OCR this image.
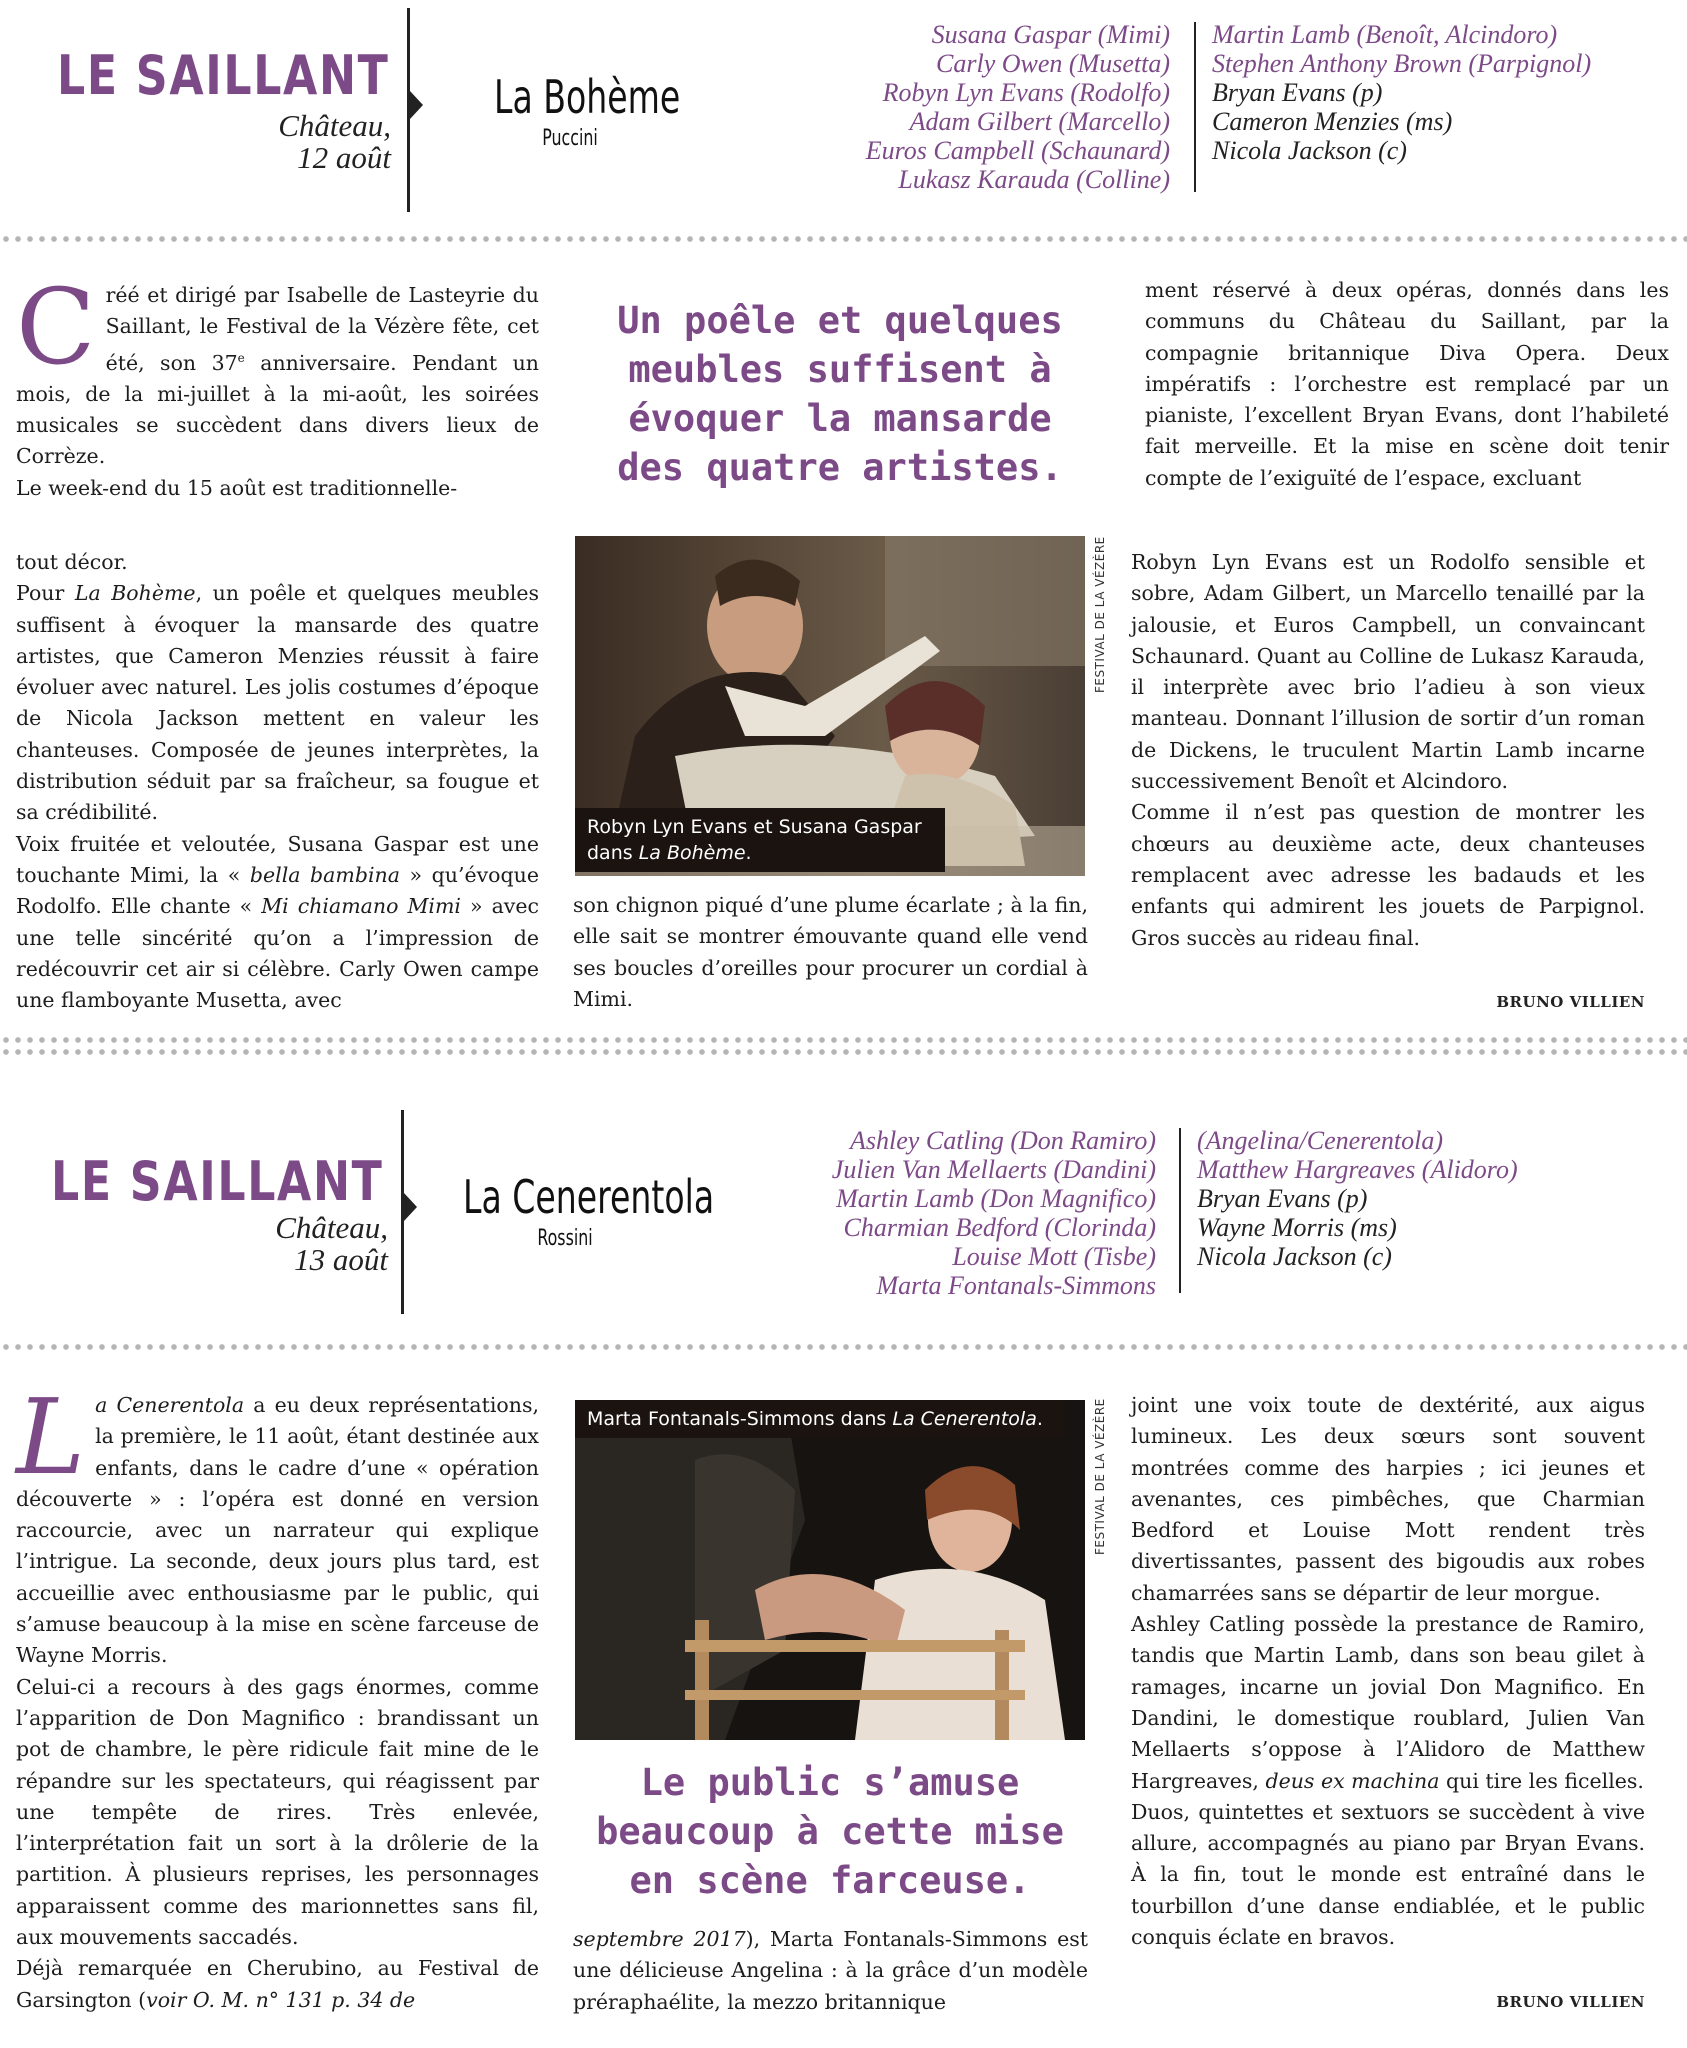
LE SAILLANT
Château,
12 août
La Bohème
Puccini
Susana Gaspar (Mimi)
Carly Owen (Musetta)
Robyn Lyn Evans (Rodolfo)
Adam Gilbert (Marcello)
Euros Campbell (Schaunard)
Lukasz Karauda (Colline)
Martin Lamb (Benoît, Alcindoro)
Stephen Anthony Brown (Parpignol)
Bryan Evans (p)
Cameron Menzies (ms)
Nicola Jackson (c)

Créé et dirigé par Isabelle de Lasteyrie du Saillant, le Festival de la Vézère fête, cet été, son 37e anniversaire. Pendant un mois, de la mi-juillet à la mi-août, les soirées musicales se succèdent dans divers lieux de Corrèze.

Le week-end du 15 août est traditionnelle-

Un poêle et quelques meubles suffisent à évoquer la mansarde des quatre artistes.
ment réservé à deux opéras, donnés dans les communs du Château du Saillant, par la compagnie britannique Diva Opera. Deux impératifs : l’orchestre est remplacé par un pianiste, l’excellent Bryan Evans, dont l’habileté fait merveille. Et la mise en scène doit tenir compte de l’exiguïté de l’espace, excluant

tout décor.

Pour La Bohème, un poêle et quelques meubles suffisent à évoquer la mansarde des quatre artistes, que Cameron Menzies réussit à faire évoluer avec naturel. Les jolis costumes d’époque de Nicola Jackson mettent en valeur les chanteuses. Composée de jeunes interprètes, la distribution séduit par sa fraîcheur, sa fougue et sa crédibilité.

Voix fruitée et veloutée, Susana Gaspar est une touchante Mimi, la « bella bambina » qu’évoque Rodolfo. Elle chante « Mi chiamano Mimi » avec une telle sincérité qu’on a l’impression de redécouvrir cet air si célèbre. Carly Owen campe une flamboyante Musetta, avec

Robyn Lyn Evans et Susana Gaspar
dans La Bohème.
FESTIVAL DE LA VÉZÈRE
son chignon piqué d’une plume écarlate ; à la fin, elle sait se montrer émouvante quand elle vend ses boucles d’oreilles pour procurer un cordial à Mimi.

Robyn Lyn Evans est un Rodolfo sensible et sobre, Adam Gilbert, un Marcello tenaillé par la jalousie, et Euros Campbell, un convaincant Schaunard. Quant au Colline de Lukasz Karauda, il interprète avec brio l’adieu à son vieux manteau. Donnant l’illusion de sortir d’un roman de Dickens, le truculent Martin Lamb incarne successivement Benoît et Alcindoro.

Comme il n’est pas question de montrer les chœurs au deuxième acte, deux chanteuses remplacent avec adresse les badauds et les enfants qui admirent les jouets de Parpignol. Gros succès au rideau final.

BRUNO VILLIEN
LE SAILLANT
Château,
13 août
La Cenerentola
Rossini
Ashley Catling (Don Ramiro)
Julien Van Mellaerts (Dandini)
Martin Lamb (Don Magnifico)
Charmian Bedford (Clorinda)
Louise Mott (Tisbe)
Marta Fontanals-Simmons
(Angelina/Cenerentola)
Matthew Hargreaves (Alidoro)
Bryan Evans (p)
Wayne Morris (ms)
Nicola Jackson (c)

La Cenerentola a eu deux représentations, la première, le 11 août, étant destinée aux enfants, dans le cadre d’une « opération découverte » : l’opéra est donné en version raccourcie, avec un narrateur qui explique l’intrigue. La seconde, deux jours plus tard, est accueillie avec enthousiasme par le public, qui s’amuse beaucoup à la mise en scène farceuse de Wayne Morris.

Celui-ci a recours à des gags énormes, comme l’apparition de Don Magnifico : brandissant un pot de chambre, le père ridicule fait mine de le répandre sur les spectateurs, qui réagissent par une tempête de rires. Très enlevée, l’interprétation fait un sort à la drôlerie de la partition. À plusieurs reprises, les personnages apparaissent comme des marionnettes sans fil, aux mouvements saccadés.

Déjà remarquée en Cherubino, au Festival de Garsington (voir O. M. n° 131 p. 34 de

Marta Fontanals-Simmons dans La Cenerentola.	FESTIVAL DE LA VÉZÈRE
Le public s’amuse beaucoup à cette mise en scène farceuse.

septembre 2017), Marta Fontanals-Simmons est une délicieuse Angelina : à la grâce d’un modèle préraphaélite, la mezzo britannique

joint une voix toute de dextérité, aux aigus lumineux. Les deux sœurs sont souvent montrées comme des harpies ; ici jeunes et avenantes, ces pimbêches, que Charmian Bedford et Louise Mott rendent très divertissantes, passent des bigoudis aux robes chamarrées sans se départir de leur morgue.

Ashley Catling possède la prestance de Ramiro, tandis que Martin Lamb, dans son beau gilet à ramages, incarne un jovial Don Magnifico. En Dandini, le domestique roublard, Julien Van Mellaerts s’oppose à l’Alidoro de Matthew Hargreaves, deus ex machina qui tire les ficelles.

Duos, quintettes et sextuors se succèdent à vive allure, accompagnés au piano par Bryan Evans. À la fin, tout le monde est entraîné dans le tourbillon d’une danse endiablée, et le public conquis éclate en bravos.

BRUNO VILLIEN
